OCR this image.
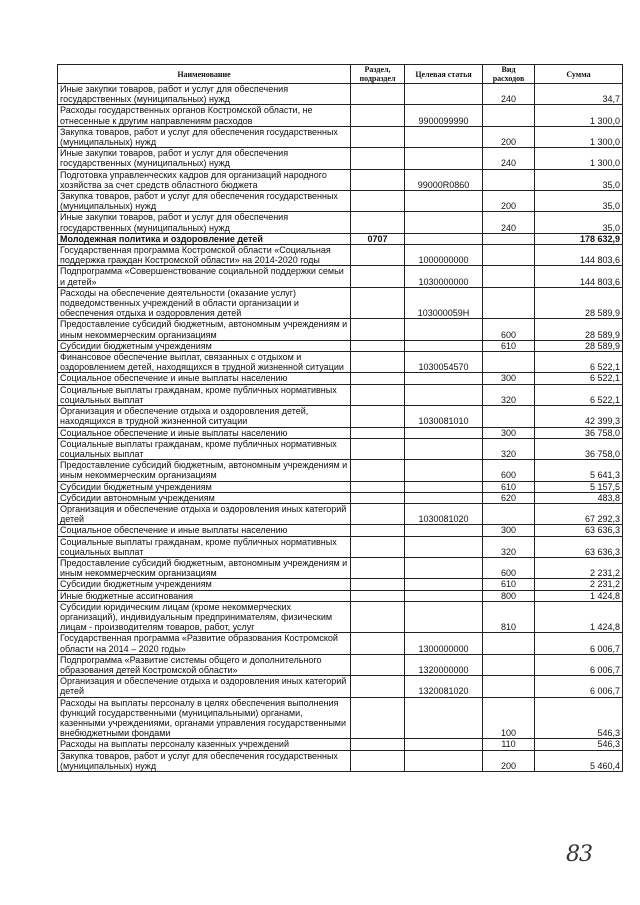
Наименование	Раздел, подраздел	Целевая статья	Вид расходов	Сумма
Иные закупки товаров, работ и услуг для обеспечения государственных (муниципальных) нужд			240	34,7
Расходы государственных органов Костромской области, не отнесенные к другим направлениям расходов		9900099990		1 300,0
Закупка товаров, работ и услуг для обеспечения государственных (муниципальных) нужд			200	1 300,0
Иные закупки товаров, работ и услуг для обеспечения государственных (муниципальных) нужд			240	1 300,0
Подготовка управленческих кадров для организаций народного хозяйства за счет средств областного бюджета		99000R0860		35,0
Закупка товаров, работ и услуг для обеспечения государственных (муниципальных) нужд			200	35,0
Иные закупки товаров, работ и услуг для обеспечения государственных (муниципальных) нужд			240	35,0
Молодежная политика и оздоровление детей	0707			178 632,9
Государственная программа Костромской области «Социальная поддержка граждан Костромской области» на 2014-2020 годы		1000000000		144 803,6
Подпрограмма «Совершенствование социальной поддержки семьи и детей»		1030000000		144 803,6
Расходы на обеспечение деятельности (оказание услуг) подведомственных учреждений в области организации и обеспечения отдыха и оздоровления детей		103000059Н		28 589,9
Предоставление субсидий бюджетным, автономным учреждениям и иным некоммерческим организациям			600	28 589,9
Субсидии бюджетным учреждениям			610	28 589,9
Финансовое обеспечение выплат, связанных с отдыхом и оздоровлением детей, находящихся в трудной жизненной ситуации		1030054570		6 522,1
Социальное обеспечение и иные выплаты населению			300	6 522,1
Социальные выплаты гражданам, кроме публичных нормативных социальных выплат			320	6 522,1
Организация и обеспечение отдыха и оздоровления детей, находящихся в трудной жизненной ситуации		1030081010		42 399,3
Социальное обеспечение и иные выплаты населению			300	36 758,0
Социальные выплаты гражданам, кроме публичных нормативных социальных выплат			320	36 758,0
Предоставление субсидий бюджетным, автономным учреждениям и иным некоммерческим организациям			600	5 641,3
Субсидии бюджетным учреждениям			610	5 157,5
Субсидии автономным учреждениям			620	483,8
Организация и обеспечение отдыха и оздоровления иных категорий детей		1030081020		67 292,3
Социальное обеспечение и иные выплаты населению			300	63 636,3
Социальные выплаты гражданам, кроме публичных нормативных социальных выплат			320	63 636,3
Предоставление субсидий бюджетным, автономным учреждениям и иным некоммерческим организациям			600	2 231,2
Субсидии бюджетным учреждениям			610	2 231,2
Иные бюджетные ассигнования			800	1 424,8
Субсидии юридическим лицам (кроме некоммерческих организаций), индивидуальным предпринимателям, физическим лицам - производителям товаров, работ, услуг			810	1 424,8
Государственная программа «Развитие образования Костромской области на 2014 – 2020 годы»		1300000000		6 006,7
Подпрограмма «Развитие системы общего и дополнительного образования детей Костромской области»		1320000000		6 006,7
Организация и обеспечение отдыха и оздоровления иных категорий детей		1320081020		6 006,7
Расходы на выплаты персоналу в целях обеспечения выполнения функций государственными (муниципальными) органами, казенными учреждениями, органами управления государственными внебюджетными фондами			100	546,3
Расходы на выплаты персоналу казенных учреждений			110	546,3
Закупка товаров, работ и услуг для обеспечения государственных (муниципальных) нужд			200	5 460,4
83
